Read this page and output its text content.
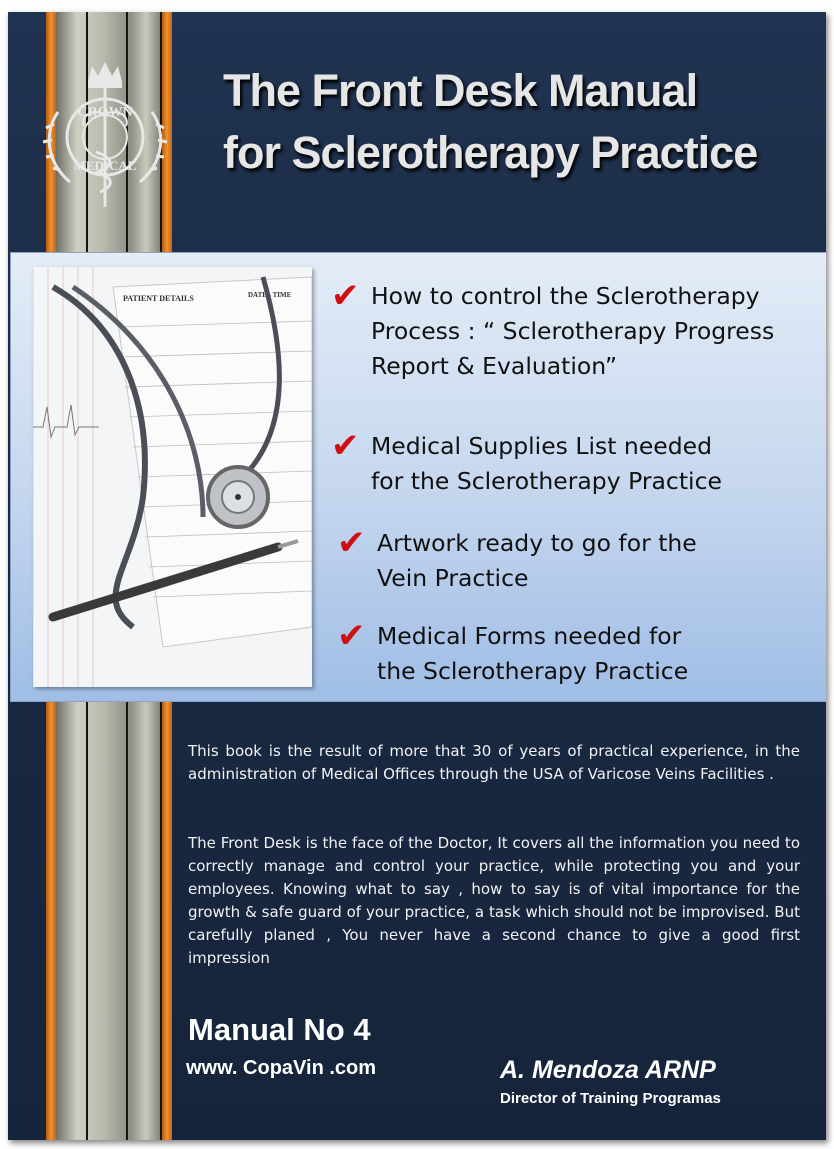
CROWN
MEDICAL
The Front Desk Manual
for Sclerotherapy Practice
PATIENT DETAILS	DATE - TIME ✔ How to control the Sclerotherapy
Process : “ Sclerotherapy Progress
Report & Evaluation”
✔ Medical Supplies List needed
for the Sclerotherapy Practice
✔ Artwork ready to go for the
Vein Practice
✔ Medical Forms needed for
the Sclerotherapy Practice
This book is the result of more that 30 of years of practical experience, in the administration of Medical Offices through the USA of Varicose Veins Facilities .
The Front Desk is the face of the Doctor, It covers all the information you need to correctly manage and control your practice, while protecting you and your employees. Knowing what to say , how to say is of vital importance for the growth & safe guard of your practice, a task which should not be improvised. But carefully planed , You never have a second chance to give a good first impression
Manual No 4
www. CopaVin .com	A. Mendoza ARNP
Director of Training Programas
